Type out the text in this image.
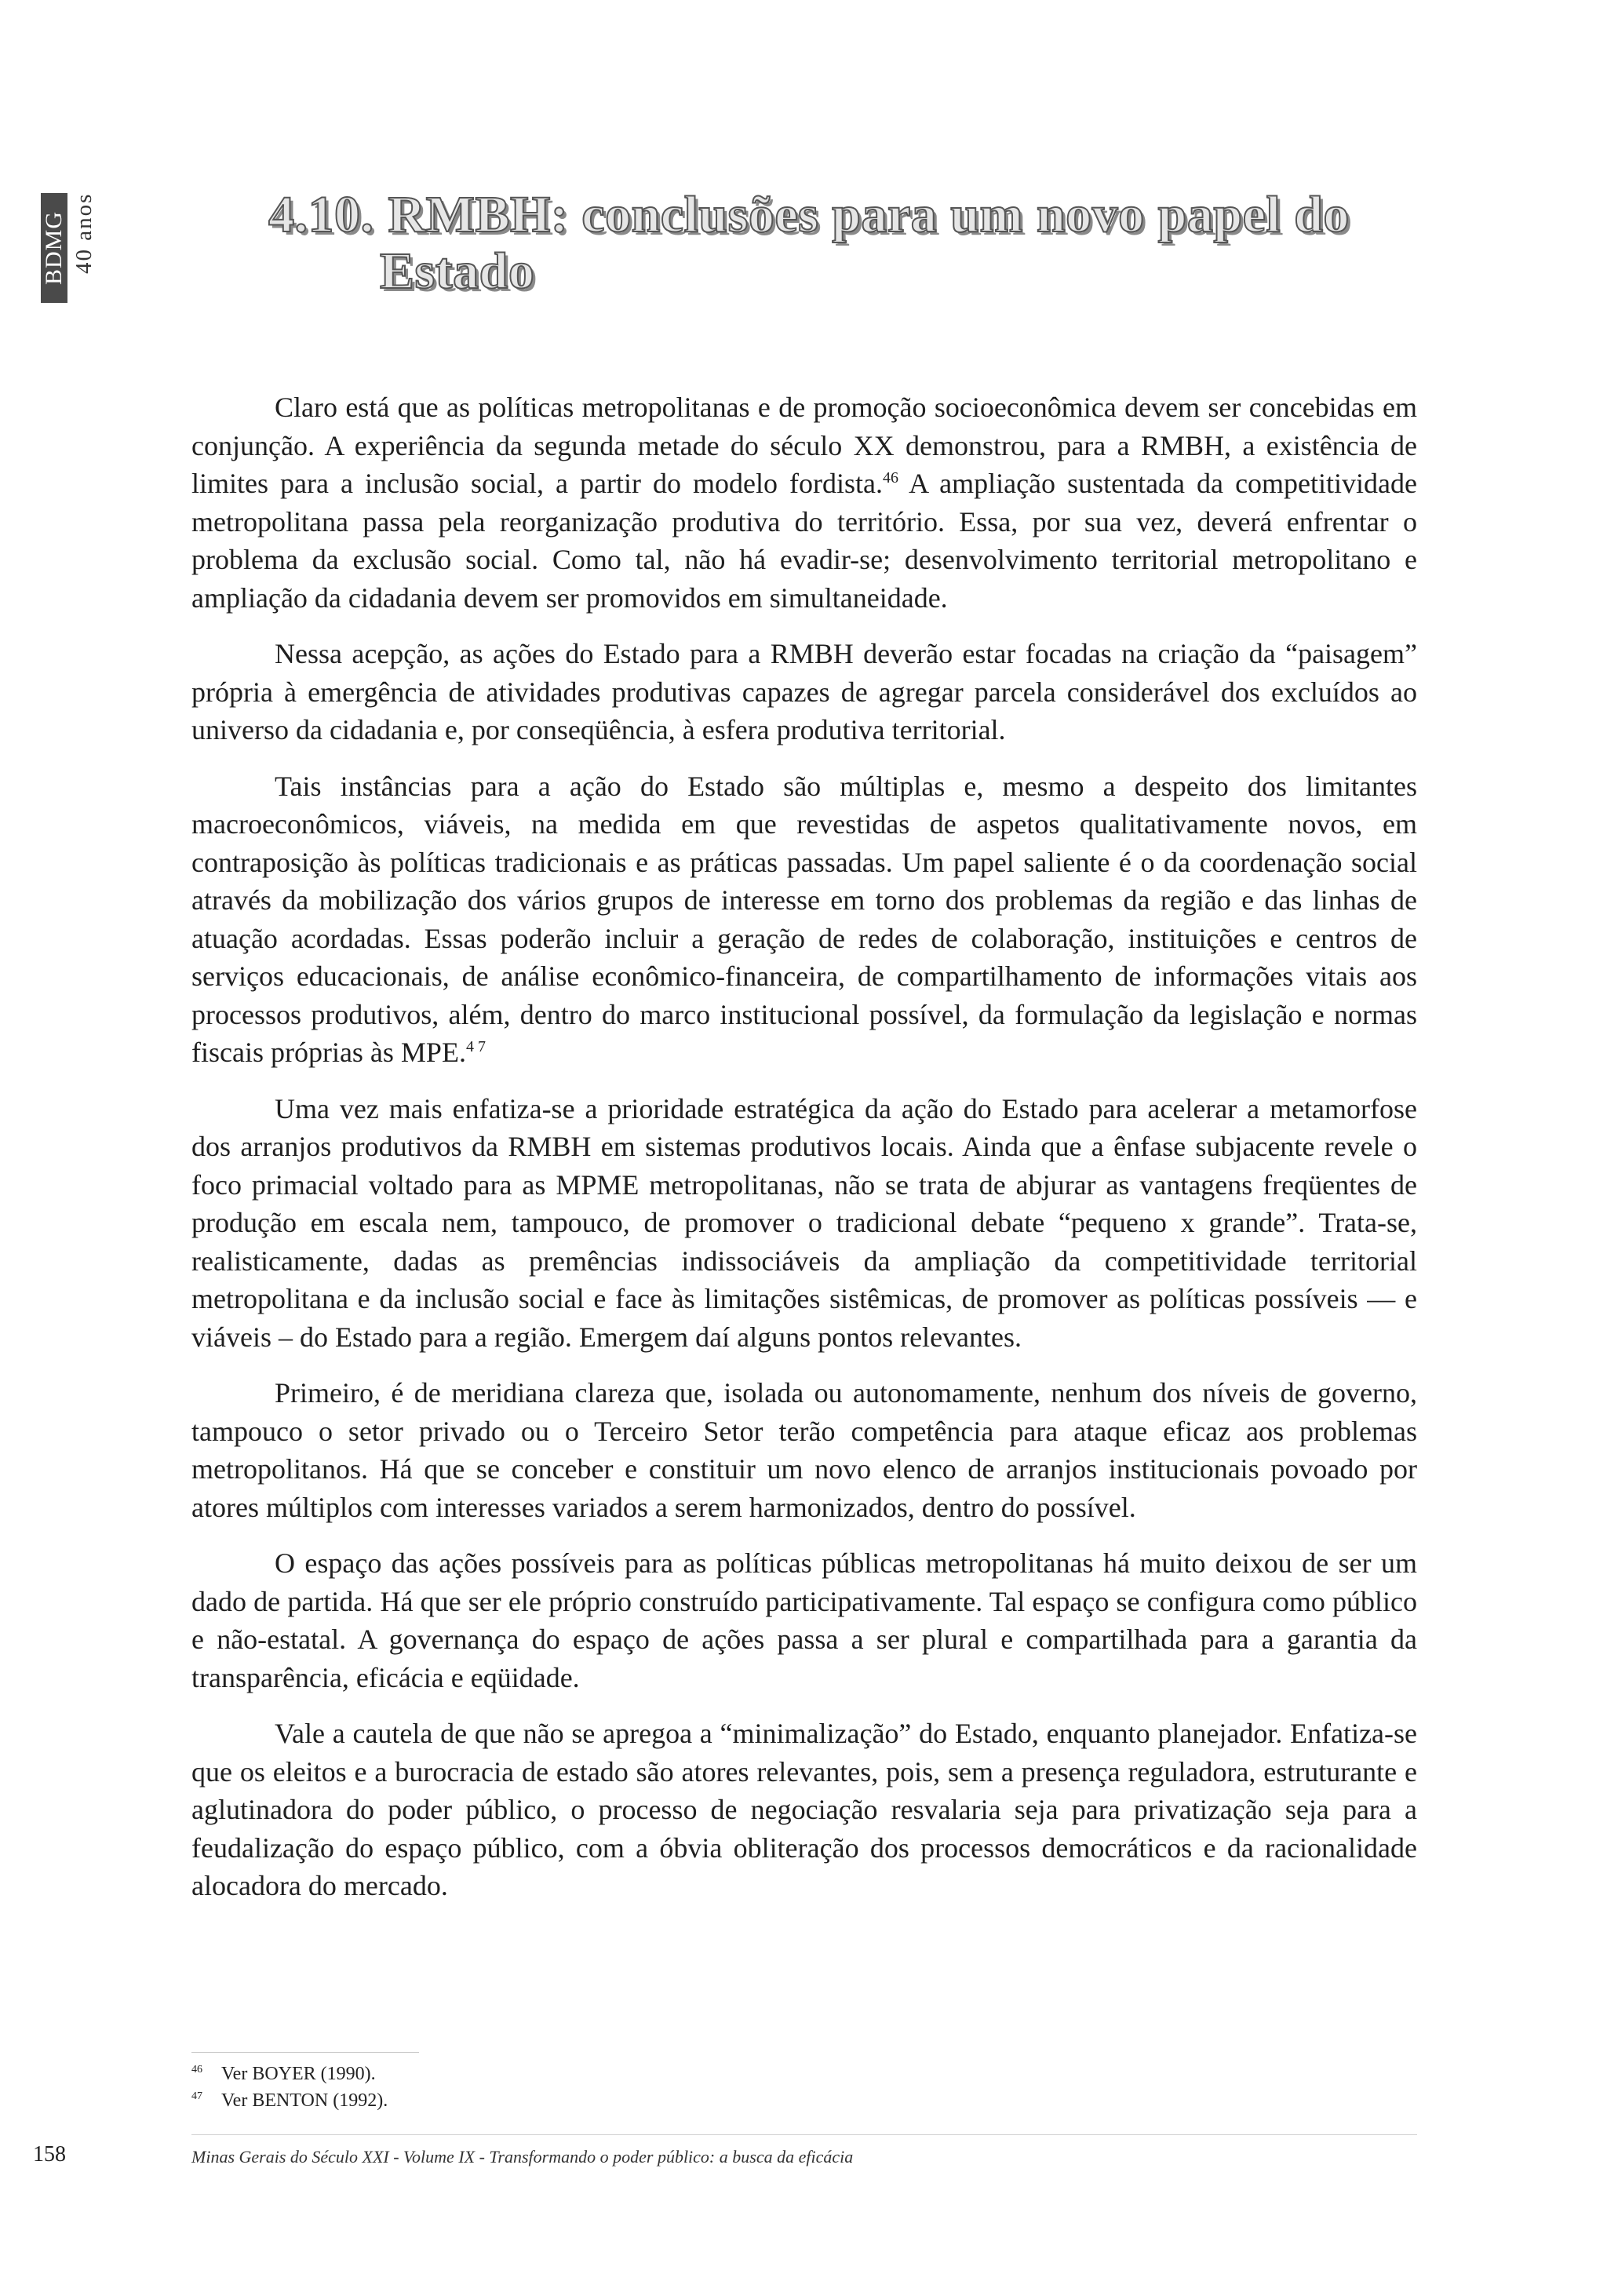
BDMG 40 anos	4.10. RMBH: conclusões para um novo papel do
Estado

Claro está que as políticas metropolitanas e de promoção socioeconômica devem ser concebidas em conjunção. A experiência da segunda metade do século XX demonstrou, para a RMBH, a existência de limites para a inclusão social, a partir do modelo fordista.$^{46}$ A ampliação sustentada da competitividade metropolitana passa pela reorganização produtiva do território. Essa, por sua vez, deverá enfrentar o problema da exclusão social. Como tal, não há evadir-se; desenvolvimento territorial metropolitano e ampliação da cidadania devem ser promovidos em simultaneidade.

Nessa acepção, as ações do Estado para a RMBH deverão estar focadas na criação da “paisagem” própria à emergência de atividades produtivas capazes de agregar parcela considerável dos excluídos ao universo da cidadania e, por conseqüência, à esfera produtiva territorial.

Tais instâncias para a ação do Estado são múltiplas e, mesmo a despeito dos limitantes macroeconômicos, viáveis, na medida em que revestidas de aspetos qualitativamente novos, em contraposição às políticas tradicionais e as práticas passadas. Um papel saliente é o da coordenação social através da mobilização dos vários grupos de interesse em torno dos problemas da região e das linhas de atuação acordadas. Essas poderão incluir a geração de redes de colaboração, instituições e centros de serviços educacionais, de análise econômico-financeira, de compartilhamento de informações vitais aos processos produtivos, além, dentro do marco institucional possível, da formulação da legislação e normas fiscais próprias às MPE.$^{4 7}$

Uma vez mais enfatiza-se a prioridade estratégica da ação do Estado para acelerar a metamorfose dos arranjos produtivos da RMBH em sistemas produtivos locais. Ainda que a ênfase subjacente revele o foco primacial voltado para as MPME metropolitanas, não se trata de abjurar as vantagens freqüentes de produção em escala nem, tampouco, de promover o tradicional debate “pequeno x grande”. Trata-se, realisticamente, dadas as premências indissociáveis da ampliação da competitividade territorial metropolitana e da inclusão social e face às limitações sistêmicas, de promover as políticas possíveis — e viáveis – do Estado para a região. Emergem daí alguns pontos relevantes.

Primeiro, é de meridiana clareza que, isolada ou autonomamente, nenhum dos níveis de governo, tampouco o setor privado ou o Terceiro Setor terão competência para ataque eficaz aos problemas metropolitanos. Há que se conceber e constituir um novo elenco de arranjos institucionais povoado por atores múltiplos com interesses variados a serem harmonizados, dentro do possível.

O espaço das ações possíveis para as políticas públicas metropolitanas há muito deixou de ser um dado de partida. Há que ser ele próprio construído participativamente. Tal espaço se configura como público e não-estatal. A governança do espaço de ações passa a ser plural e compartilhada para a garantia da transparência, eficácia e eqüidade.

Vale a cautela de que não se apregoa a “minimalização” do Estado, enquanto planejador. Enfatiza-se que os eleitos e a burocracia de estado são atores relevantes, pois, sem a presença reguladora, estruturante e aglutinadora do poder público, o processo de negociação resvalaria seja para privatização seja para a feudalização do espaço público, com a óbvia obliteração dos processos democráticos e da racionalidade alocadora do mercado.

46 Ver BOYER (1990).
47 Ver BENTON (1992).
158	Minas Gerais do Século XXI - Volume IX - Transformando o poder público: a busca da eficácia
